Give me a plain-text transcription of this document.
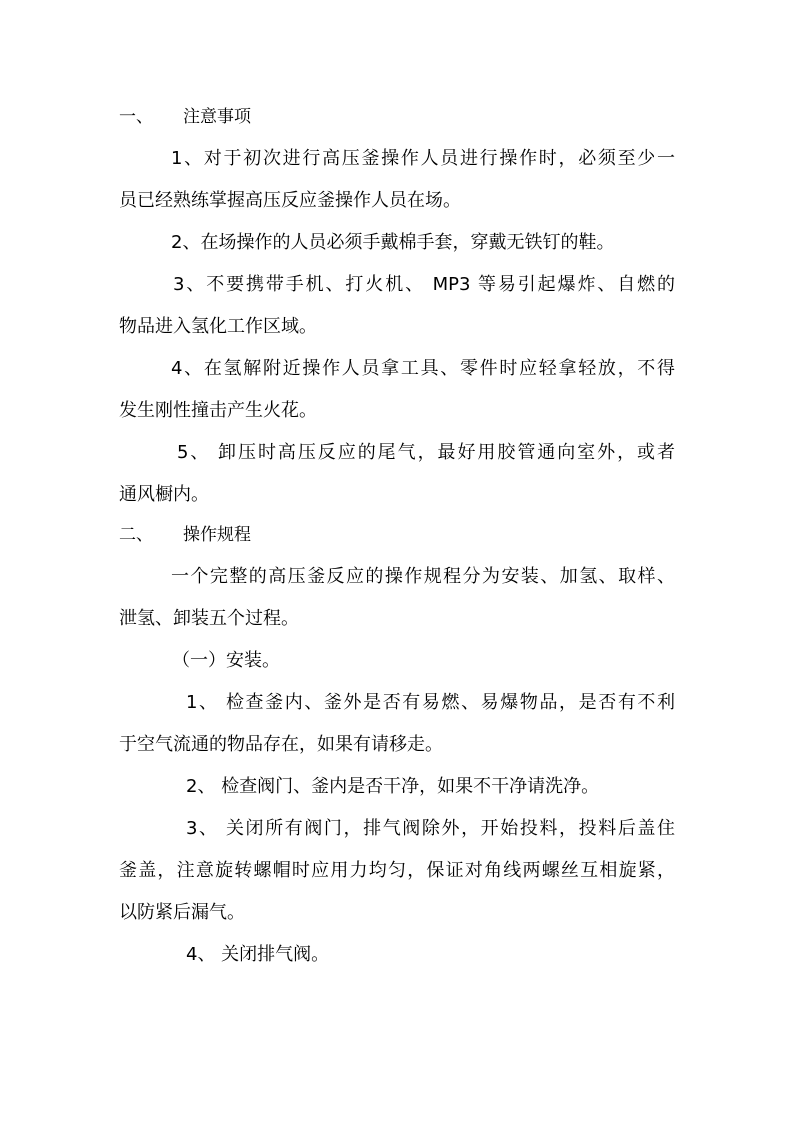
一、 注意事项
1、对于初次进行高压釜操作人员进行操作时，必须至少一
员已经熟练掌握高压反应釜操作人员在场。
2、在场操作的人员必须手戴棉手套，穿戴无铁钉的鞋。
3、不要携带手机、打火机、 MP3 等易引起爆炸、自燃的
物品进入氢化工作区域。
4、在氢解附近操作人员拿工具、零件时应轻拿轻放，不得
发生刚性撞击产生火花。
5、 卸压时高压反应的尾气，最好用胶管通向室外，或者
通风橱内。
二、 操作规程
一个完整的高压釜反应的操作规程分为安装、加氢、取样、
泄氢、卸装五个过程。
（一）安装。
1、 检查釜内、釜外是否有易燃、易爆物品，是否有不利
于空气流通的物品存在，如果有请移走。
2、 检查阀门、釜内是否干净，如果不干净请洗净。
3、 关闭所有阀门，排气阀除外，开始投料，投料后盖住
釜盖，注意旋转螺帽时应用力均匀，保证对角线两螺丝互相旋紧，
以防紧后漏气。
4、 关闭排气阀。
